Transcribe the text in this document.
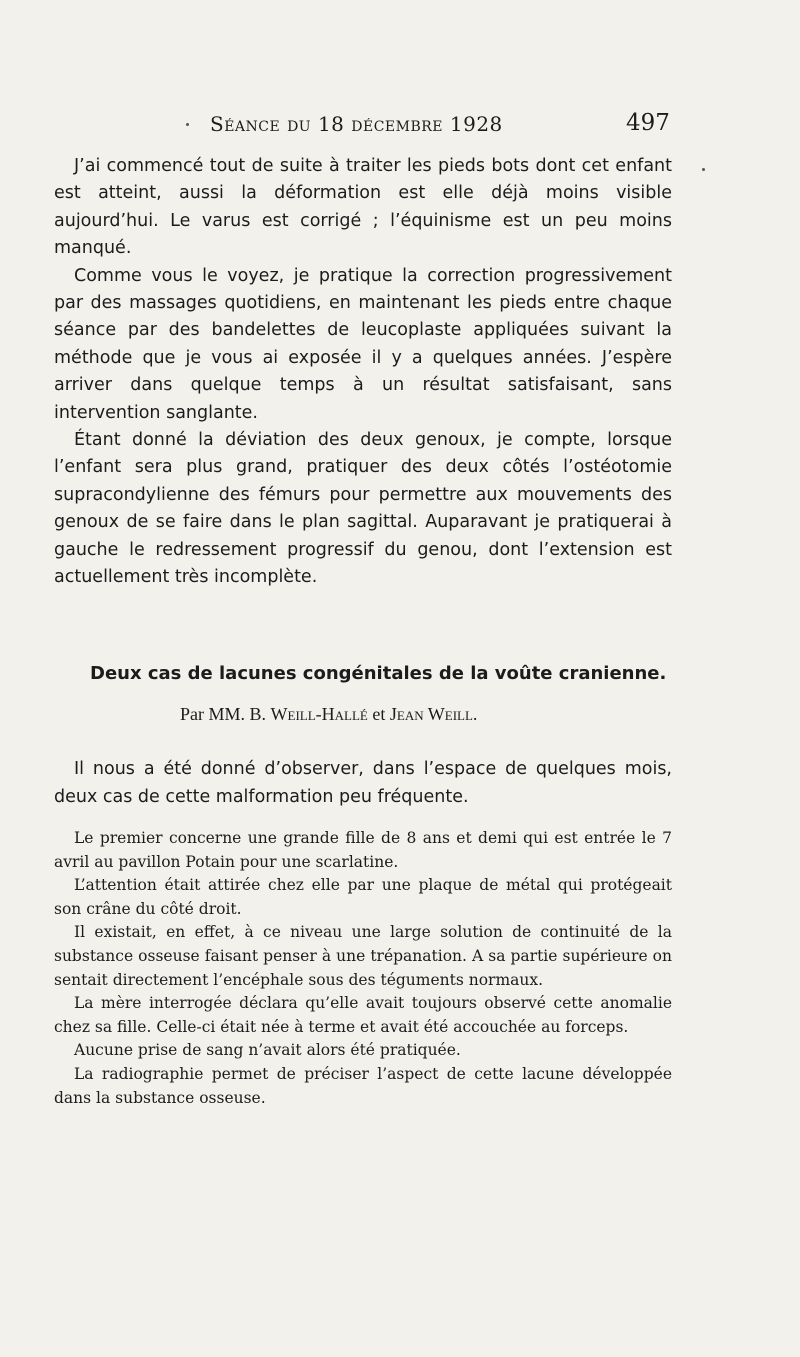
Séance du 18 décembre 1928	497

J’ai commencé tout de suite à traiter les pieds bots dont cet enfant est atteint, aussi la déformation est elle déjà moins visible aujourd’hui. Le varus est corrigé ; l’équinisme est un peu moins manqué.

Comme vous le voyez, je pratique la correction progressivement par des massages quotidiens, en maintenant les pieds entre chaque séance par des bandelettes de leucoplaste appliquées suivant la méthode que je vous ai exposée il y a quelques années. J’espère arriver dans quelque temps à un résultat satisfaisant, sans intervention sanglante.

Étant donné la déviation des deux genoux, je compte, lorsque l’enfant sera plus grand, pratiquer des deux côtés l’ostéotomie supracondylienne des fémurs pour permettre aux mouvements des genoux de se faire dans le plan sagittal. Auparavant je pratiquerai à gauche le redressement progressif du genou, dont l’extension est actuellement très incomplète.

Deux cas de lacunes congénitales de la voûte cranienne.
Par MM. B. Weill-Hallé et Jean Weill.

Il nous a été donné d’observer, dans l’espace de quelques mois, deux cas de cette malformation peu fréquente.

Le premier concerne une grande fille de 8 ans et demi qui est entrée le 7 avril au pavillon Potain pour une scarlatine.

L’attention était attirée chez elle par une plaque de métal qui protégeait son crâne du côté droit.

Il existait, en effet, à ce niveau une large solution de continuité de la substance osseuse faisant penser à une trépanation. A sa partie supérieure on sentait directement l’encéphale sous des téguments normaux.

La mère interrogée déclara qu’elle avait toujours observé cette anomalie chez sa fille. Celle-ci était née à terme et avait été accouchée au forceps.

Aucune prise de sang n’avait alors été pratiquée.

La radiographie permet de préciser l’aspect de cette lacune développée dans la substance osseuse.
